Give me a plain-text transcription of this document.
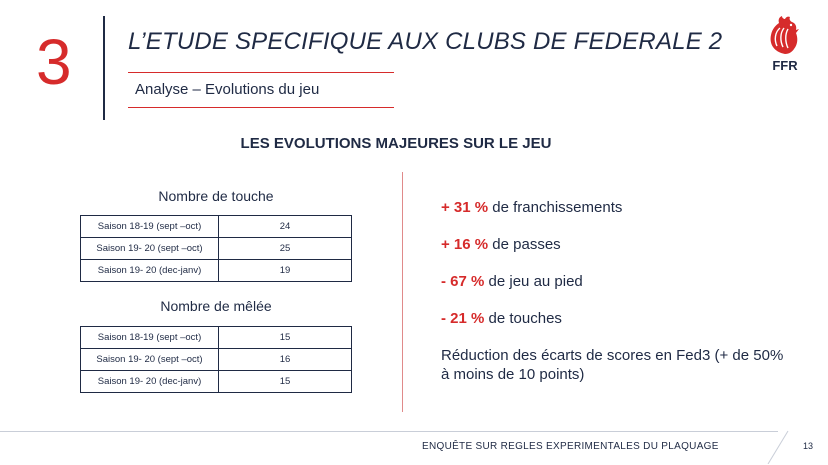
3 L’ETUDE SPECIFIQUE AUX CLUBS DE FEDERALE 2
Analyse – Evolutions du jeu
FFR
LES EVOLUTIONS MAJEURES SUR LE JEU
Nombre de touche
Saison 18-19 (sept –oct)	24
Saison 19- 20 (sept –oct)	25
Saison 19- 20 (dec-janv)	19
Nombre de mêlée
Saison 18-19 (sept –oct)	15
Saison 19- 20 (sept –oct)	16
Saison 19- 20 (dec-janv)	15
+ 31 % de franchissements
+ 16 % de passes
- 67 % de jeu au pied
- 21 % de touches
Réduction des écarts de scores en Fed3 (+ de 50% à moins de 10 points)
ENQUÊTE SUR REGLES EXPERIMENTALES DU PLAQUAGE	13
